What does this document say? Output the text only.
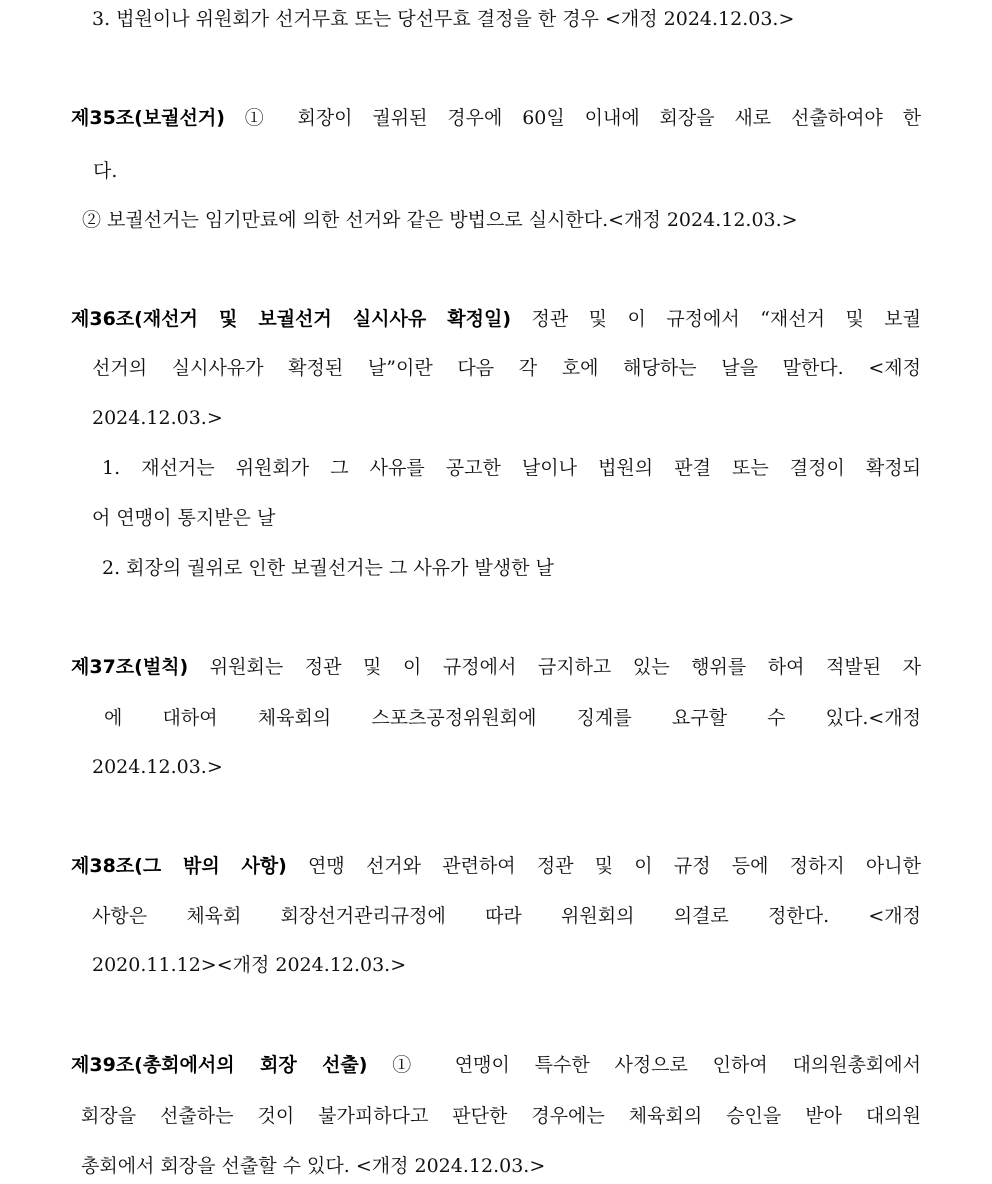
3. 법원이나 위원회가 선거무효 또는 당선무효 결정을 한 경우 <개정 2024.12.03.>
제35조(보궐선거) ① 회장이 궐위된 경우에 60일 이내에 회장을 새로 선출하여야 한
다.
② 보궐선거는 임기만료에 의한 선거와 같은 방법으로 실시한다.<개정 2024.12.03.>
제36조(재선거 및 보궐선거 실시사유 확정일) 정관 및 이 규정에서 “재선거 및 보궐
선거의 실시사유가 확정된 날”이란 다음 각 호에 해당하는 날을 말한다. <제정
2024.12.03.>
1. 재선거는 위원회가 그 사유를 공고한 날이나 법원의 판결 또는 결정이 확정되
어 연맹이 통지받은 날
2. 회장의 궐위로 인한 보궐선거는 그 사유가 발생한 날
제37조(벌칙) 위원회는 정관 및 이 규정에서 금지하고 있는 행위를 하여 적발된 자
에 대하여 체육회의 스포츠공정위원회에 징계를 요구할 수 있다.<개정
2024.12.03.>
제38조(그 밖의 사항) 연맹 선거와 관련하여 정관 및 이 규정 등에 정하지 아니한
사항은 체육회 회장선거관리규정에 따라 위원회의 의결로 정한다. <개정
2020.11.12><개정 2024.12.03.>
제39조(총회에서의 회장 선출) ① 연맹이 특수한 사정으로 인하여 대의원총회에서
회장을 선출하는 것이 불가피하다고 판단한 경우에는 체육회의 승인을 받아 대의원
총회에서 회장을 선출할 수 있다. <개정 2024.12.03.>
